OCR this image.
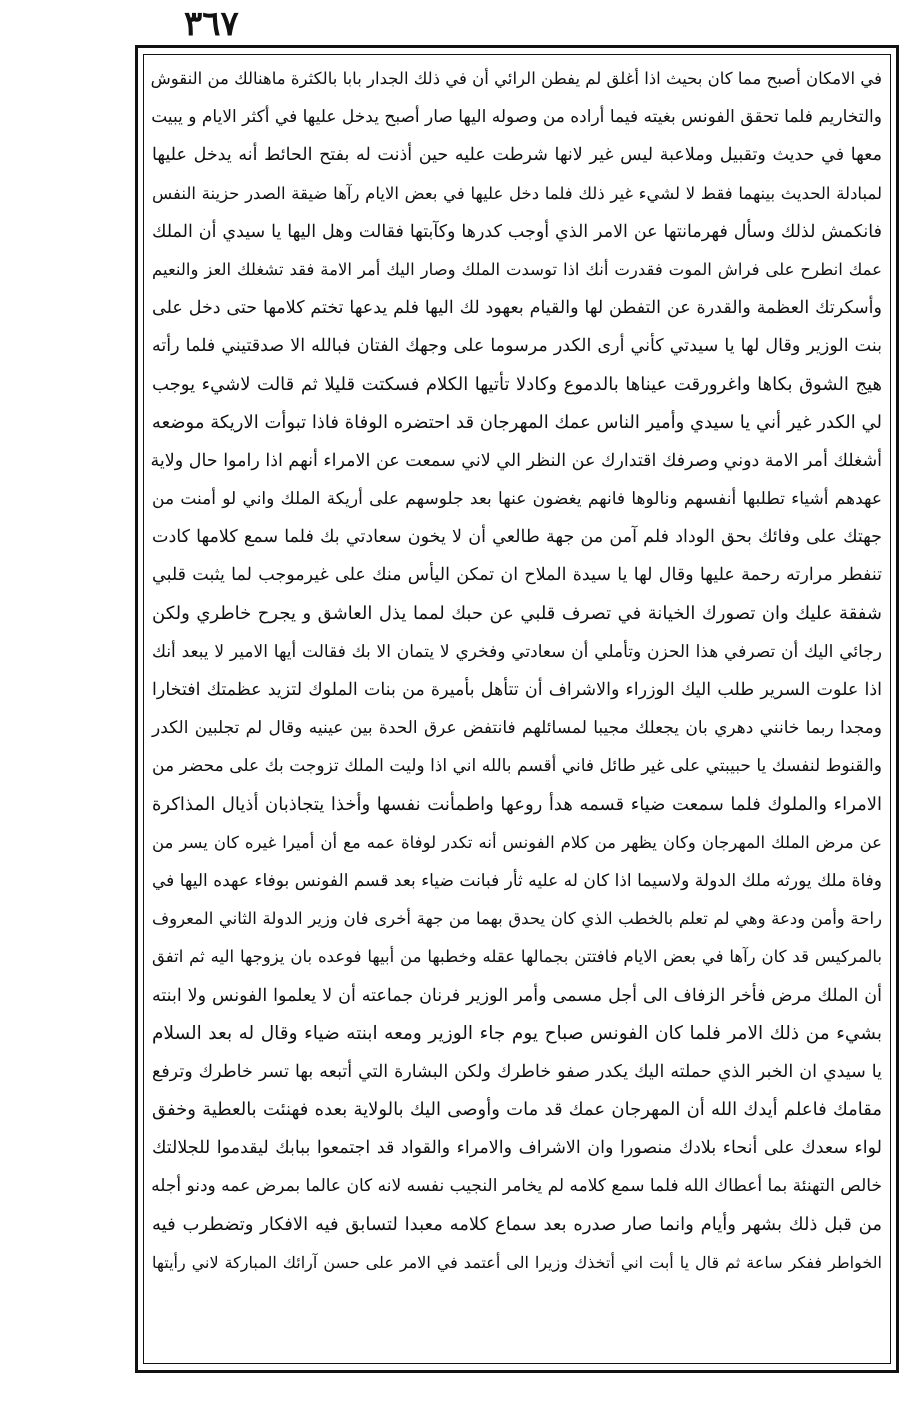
٣٦٧
في الامكان أصبح مما كان بحيث اذا أغلق لم يفطن الرائي أن في ذلك الجدار بابا بالكثرة ماهنالك من النقوش
والتخاريم فلما تحقق الفونس بغيته فيما أراده من وصوله اليها صار أصبح يدخل عليها في أكثر الايام و يبيت
معها في حديث وتقبيل وملاعبة ليس غير لانها شرطت عليه حين أذنت له بفتح الحائط أنه يدخل عليها
لمبادلة الحديث بينهما فقط لا لشيء غير ذلك فلما دخل عليها في بعض الايام رآها ضيقة الصدر حزينة النفس
فانكمش لذلك وسأل فهرمانتها عن الامر الذي أوجب كدرها وكآبتها فقالت وهل اليها يا سيدي أن الملك
عمك انطرح على فراش الموت فقدرت أنك اذا توسدت الملك وصار اليك أمر الامة فقد تشغلك العز والنعيم
وأسكرتك العظمة والقدرة عن التفطن لها والقيام بعهود لك اليها فلم يدعها تختم كلامها حتى دخل على
بنت الوزير وقال لها يا سيدتي كأني أرى الكدر مرسوما على وجهك الفتان فبالله الا صدقتيني فلما رأته
هيج الشوق بكاها واغرورقت عيناها بالدموع وكادلا تأتيها الكلام فسكتت قليلا ثم قالت لاشيء يوجب
لي الكدر غير أني يا سيدي وأمير الناس عمك المهرجان قد احتضره الوفاة فاذا تبوأت الاريكة موضعه
أشغلك أمر الامة دوني وصرفك اقتدارك عن النظر الي لاني سمعت عن الامراء أنهم اذا راموا حال ولاية
عهدهم أشياء تطلبها أنفسهم ونالوها فانهم يغضون عنها بعد جلوسهم على أريكة الملك واني لو أمنت من
جهتك على وفائك بحق الوداد فلم آمن من جهة طالعي أن لا يخون سعادتي بك فلما سمع كلامها كادت
تنفطر مرارته رحمة عليها وقال لها يا سيدة الملاح ان تمكن اليأس منك على غيرموجب لما يثبت قلبي
شفقة عليك وان تصورك الخيانة في تصرف قلبي عن حبك لمما يذل العاشق و يجرح خاطري ولكن
رجائي اليك أن تصرفي هذا الحزن وتأملي أن سعادتي وفخري لا يتمان الا بك فقالت أيها الامير لا يبعد أنك
اذا علوت السرير طلب اليك الوزراء والاشراف أن تتأهل بأميرة من بنات الملوك لتزيد عظمتك افتخارا
ومجدا ربما خانني دهري بان يجعلك مجيبا لمسائلهم فانتفض عرق الحدة بين عينيه وقال لم تجلبين الكدر
والقنوط لنفسك يا حبيبتي على غير طائل فاني أقسم بالله اني اذا وليت الملك تزوجت بك على محضر من
الامراء والملوك فلما سمعت ضياء قسمه هدأ روعها واطمأنت نفسها وأخذا يتجاذبان أذيال المذاكرة
عن مرض الملك المهرجان وكان يظهر من كلام الفونس أنه تكدر لوفاة عمه مع أن أميرا غيره كان يسر من
وفاة ملك يورثه ملك الدولة ولاسيما اذا كان له عليه ثأر فبانت ضياء بعد قسم الفونس بوفاء عهده اليها في
راحة وأمن ودعة وهي لم تعلم بالخطب الذي كان يحدق بهما من جهة أخرى فان وزير الدولة الثاني المعروف
بالمركيس قد كان رآها في بعض الايام فافتتن بجمالها عقله وخطبها من أبيها فوعده بان يزوجها اليه ثم اتفق
أن الملك مرض فأخر الزفاف الى أجل مسمى وأمر الوزير فرنان جماعته أن لا يعلموا الفونس ولا ابنته
بشيء من ذلك الامر فلما كان الفونس صباح يوم جاء الوزير ومعه ابنته ضياء وقال له بعد السلام
يا سيدي ان الخبر الذي حملته اليك يكدر صفو خاطرك ولكن البشارة التي أتبعه بها تسر خاطرك وترفع
مقامك فاعلم أيدك الله أن المهرجان عمك قد مات وأوصى اليك بالولاية بعده فهنئت بالعطية وخفق
لواء سعدك على أنحاء بلادك منصورا وان الاشراف والامراء والقواد قد اجتمعوا ببابك ليقدموا للجلالتك
خالص التهنئة بما أعطاك الله فلما سمع كلامه لم يخامر النجيب نفسه لانه كان عالما بمرض عمه ودنو أجله
من قبل ذلك بشهر وأيام وانما صار صدره بعد سماع كلامه معبدا لتسابق فيه الافكار وتضطرب فيه
الخواطر ففكر ساعة ثم قال يا أبت اني أتخذك وزيرا الى أعتمد في الامر على حسن آرائك المباركة لاني رأيتها
